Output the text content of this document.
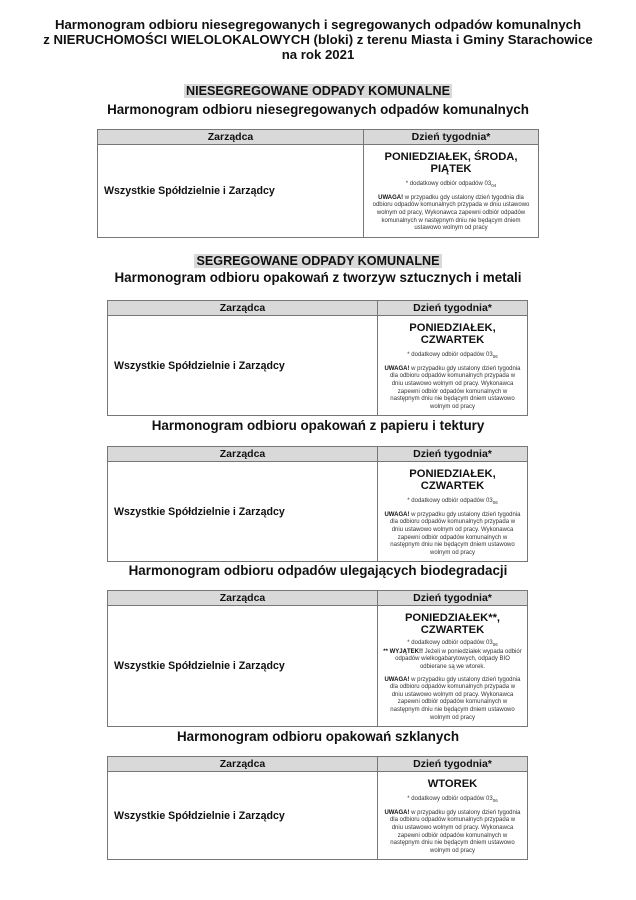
Harmonogram odbioru niesegregowanych i segregowanych odpadów komunalnych
z NIERUCHOMOŚCI WIELOLOKALOWYCH (bloki) z terenu Miasta i Gminy Starachowice
na rok 2021
NIESEGREGOWANE ODPADY KOMUNALNE
Harmonogram odbioru niesegregowanych odpadów komunalnych
Zarządca	Dzień tygodnia*
Wszystkie Spółdzielnie i Zarządcy	PONIEDZIAŁEK, ŚRODA, PIĄTEK
* dodatkowy odbiór odpadów $03_{04}$
UWAGA! w przypadku gdy ustalony dzień tygodnia dla odbioru odpadów komunalnych przypada w dniu ustawowo wolnym od pracy, Wykonawca zapewni odbiór odpadów komunalnych w następnym dniu nie będącym dniem ustawowo wolnym od pracy
SEGREGOWANE ODPADY KOMUNALNE
Harmonogram odbioru opakowań z tworzyw sztucznych i metali
Zarządca	Dzień tygodnia*
Wszystkie Spółdzielnie i Zarządcy	PONIEDZIAŁEK, CZWARTEK
* dodatkowy odbiór odpadów $03_{06}$
UWAGA! w przypadku gdy ustalony dzień tygodnia dla odbioru odpadów komunalnych przypada w dniu ustawowo wolnym od pracy. Wykonawca zapewni odbiór odpadów komunalnych w następnym dniu nie będącym dniem ustawowo wolnym od pracy
Harmonogram odbioru opakowań z papieru i tektury
Zarządca	Dzień tygodnia*
Wszystkie Spółdzielnie i Zarządcy	PONIEDZIAŁEK, CZWARTEK
* dodatkowy odbiór odpadów $03_{06}$
UWAGA! w przypadku gdy ustalony dzień tygodnia dla odbioru odpadów komunalnych przypada w dniu ustawowo wolnym od pracy. Wykonawca zapewni odbiór odpadów komunalnych w następnym dniu nie będącym dniem ustawowo wolnym od pracy
Harmonogram odbioru odpadów ulegających biodegradacji
Zarządca	Dzień tygodnia*
Wszystkie Spółdzielnie i Zarządcy	PONIEDZIAŁEK**, CZWARTEK
* dodatkowy odbiór odpadów $03_{06}$
** WYJĄTEK!! Jeżeli w poniedziałek wypada odbiór odpadów wielkogabarytowych, odpady BIO odbierane są we wtorek.
UWAGA! w przypadku gdy ustalony dzień tygodnia dla odbioru odpadów komunalnych przypada w dniu ustawowo wolnym od pracy. Wykonawca zapewni odbiór odpadów komunalnych w następnym dniu nie będącym dniem ustawowo wolnym od pracy
Harmonogram odbioru opakowań szklanych
Zarządca	Dzień tygodnia*
Wszystkie Spółdzielnie i Zarządcy	WTOREK
* dodatkowy odbiór odpadów $03_{06}$
UWAGA! w przypadku gdy ustalony dzień tygodnia dla odbioru odpadów komunalnych przypada w dniu ustawowo wolnym od pracy. Wykonawca zapewni odbiór odpadów komunalnych w następnym dniu nie będącym dniem ustawowo wolnym od pracy
